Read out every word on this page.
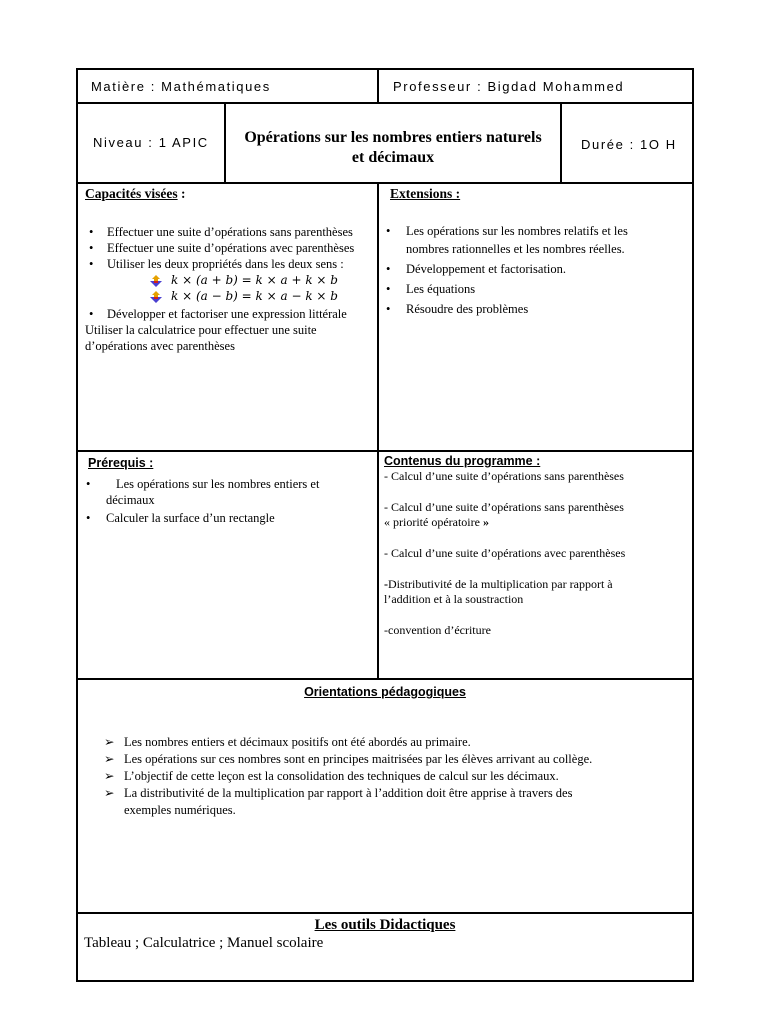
Matière : Mathématiques	Professeur : Bigdad Mohammed
Niveau : 1 APIC	Opérations sur les nombres entiers naturels
et décimaux
Durée : 1O H
Capacités visées :
• Effectuer une suite d’opérations sans parenthèses
• Effectuer une suite d’opérations avec parenthèses
• Utiliser les deux propriétés dans les deux sens :
k × (a + b) = k × a + k × b
k × (a − b) = k × a − k × b
• Développer et factoriser une expression littérale

Utiliser la calculatrice pour effectuer une suite
d’opérations avec parenthèses

Extensions :
• Les opérations sur les nombres relatifs et les
nombres rationnelles et les nombres réelles.
• Développement et factorisation.
• Les équations
• Résoudre des problèmes
Prérequis :
• Les opérations sur les nombres entiers et
décimaux
• Calculer la surface d’un rectangle
Contenus du programme :
- Calcul d’une suite d’opérations sans parenthèses
- Calcul d’une suite d’opérations sans parenthèses
« priorité opératoire »
- Calcul d’une suite d’opérations avec parenthèses
-Distributivité de la multiplication par rapport à
l’addition et à la soustraction
-convention d’écriture
Orientations pédagogiques
➢ Les nombres entiers et décimaux positifs ont été abordés au primaire.
➢ Les opérations sur ces nombres sont en principes maitrisées par les élèves arrivant au collège.
➢ L’objectif de cette leçon est la consolidation des techniques de calcul sur les décimaux.
➢ La distributivité de la multiplication par rapport à l’addition doit être apprise à travers des
exemples numériques.
Les outils Didactiques
Tableau ; Calculatrice ; Manuel scolaire
